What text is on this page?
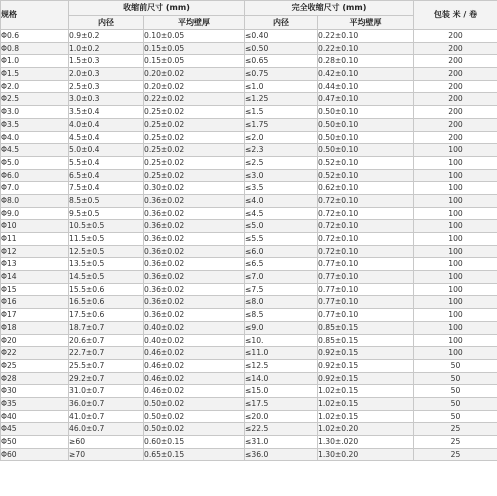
规格	收缩前尺寸 (mm)		完全收缩尺寸 (mm)		包装 米 / 卷
	内径	平均壁厚	内径	平均壁厚	
Φ0.6	0.9±0.2	0.10±0.05	≤0.40	0.22±0.10	200
Φ0.8	1.0±0.2	0.15±0.05	≤0.50	0.22±0.10	200
Φ1.0	1.5±0.3	0.15±0.05	≤0.65	0.28±0.10	200
Φ1.5	2.0±0.3	0.20±0.02	≤0.75	0.42±0.10	200
Φ2.0	2.5±0.3	0.20±0.02	≤1.0	0.44±0.10	200
Φ2.5	3.0±0.3	0.22±0.02	≤1.25	0.47±0.10	200
Φ3.0	3.5±0.4	0.25±0.02	≤1.5	0.50±0.10	200
Φ3.5	4.0±0.4	0.25±0.02	≤1.75	0.50±0.10	200
Φ4.0	4.5±0.4	0.25±0.02	≤2.0	0.50±0.10	200
Φ4.5	5.0±0.4	0.25±0.02	≤2.3	0.50±0.10	100
Φ5.0	5.5±0.4	0.25±0.02	≤2.5	0.52±0.10	100
Φ6.0	6.5±0.4	0.25±0.02	≤3.0	0.52±0.10	100
Φ7.0	7.5±0.4	0.30±0.02	≤3.5	0.62±0.10	100
Φ8.0	8.5±0.5	0.36±0.02	≤4.0	0.72±0.10	100
Φ9.0	9.5±0.5	0.36±0.02	≤4.5	0.72±0.10	100
Φ10	10.5±0.5	0.36±0.02	≤5.0	0.72±0.10	100
Φ11	11.5±0.5	0.36±0.02	≤5.5	0.72±0.10	100
Φ12	12.5±0.5	0.36±0.02	≤6.0	0.72±0.10	100
Φ13	13.5±0.5	0.36±0.02	≤6.5	0.77±0.10	100
Φ14	14.5±0.5	0.36±0.02	≤7.0	0.77±0.10	100
Φ15	15.5±0.6	0.36±0.02	≤7.5	0.77±0.10	100
Φ16	16.5±0.6	0.36±0.02	≤8.0	0.77±0.10	100
Φ17	17.5±0.6	0.36±0.02	≤8.5	0.77±0.10	100
Φ18	18.7±0.7	0.40±0.02	≤9.0	0.85±0.15	100
Φ20	20.6±0.7	0.40±0.02	≤10.	0.85±0.15	100
Φ22	22.7±0.7	0.46±0.02	≤11.0	0.92±0.15	100
Φ25	25.5±0.7	0.46±0.02	≤12.5	0.92±0.15	50
Φ28	29.2±0.7	0.46±0.02	≤14.0	0.92±0.15	50
Φ30	31.0±0.7	0.46±0.02	≤15.0	1.02±0.15	50
Φ35	36.0±0.7	0.50±0.02	≤17.5	1.02±0.15	50
Φ40	41.0±0.7	0.50±0.02	≤20.0	1.02±0.15	50
Φ45	46.0±0.7	0.50±0.02	≤22.5	1.02±0.20	25
Φ50	≥60	0.60±0.15	≤31.0	1.30±.020	25
Φ60	≥70	0.65±0.15	≤36.0	1.30±0.20	25
